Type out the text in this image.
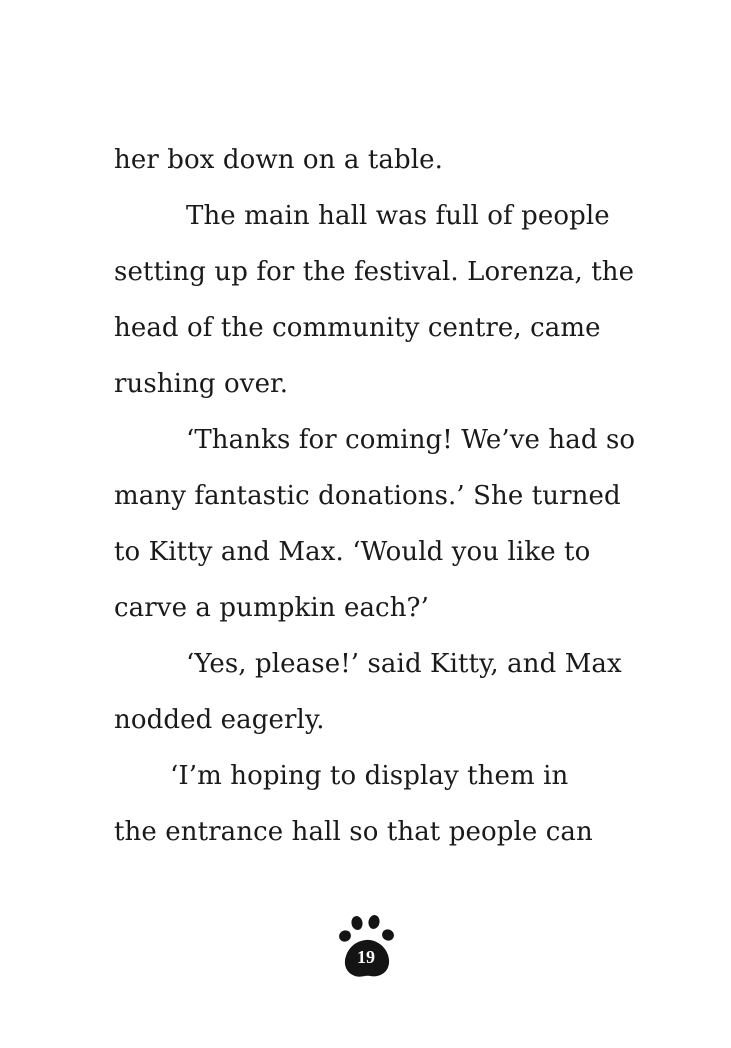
her box down on a table.
The main hall was full of people
setting up for the festival. Lorenza, the
head of the community centre, came
rushing over.
‘Thanks for coming! We’ve had so
many fantastic donations.’ She turned
to Kitty and Max. ‘Would you like to
carve a pumpkin each?’
‘Yes, please!’ said Kitty, and Max
nodded eagerly.
‘I’m hoping to display them in
the entrance hall so that people can
19
